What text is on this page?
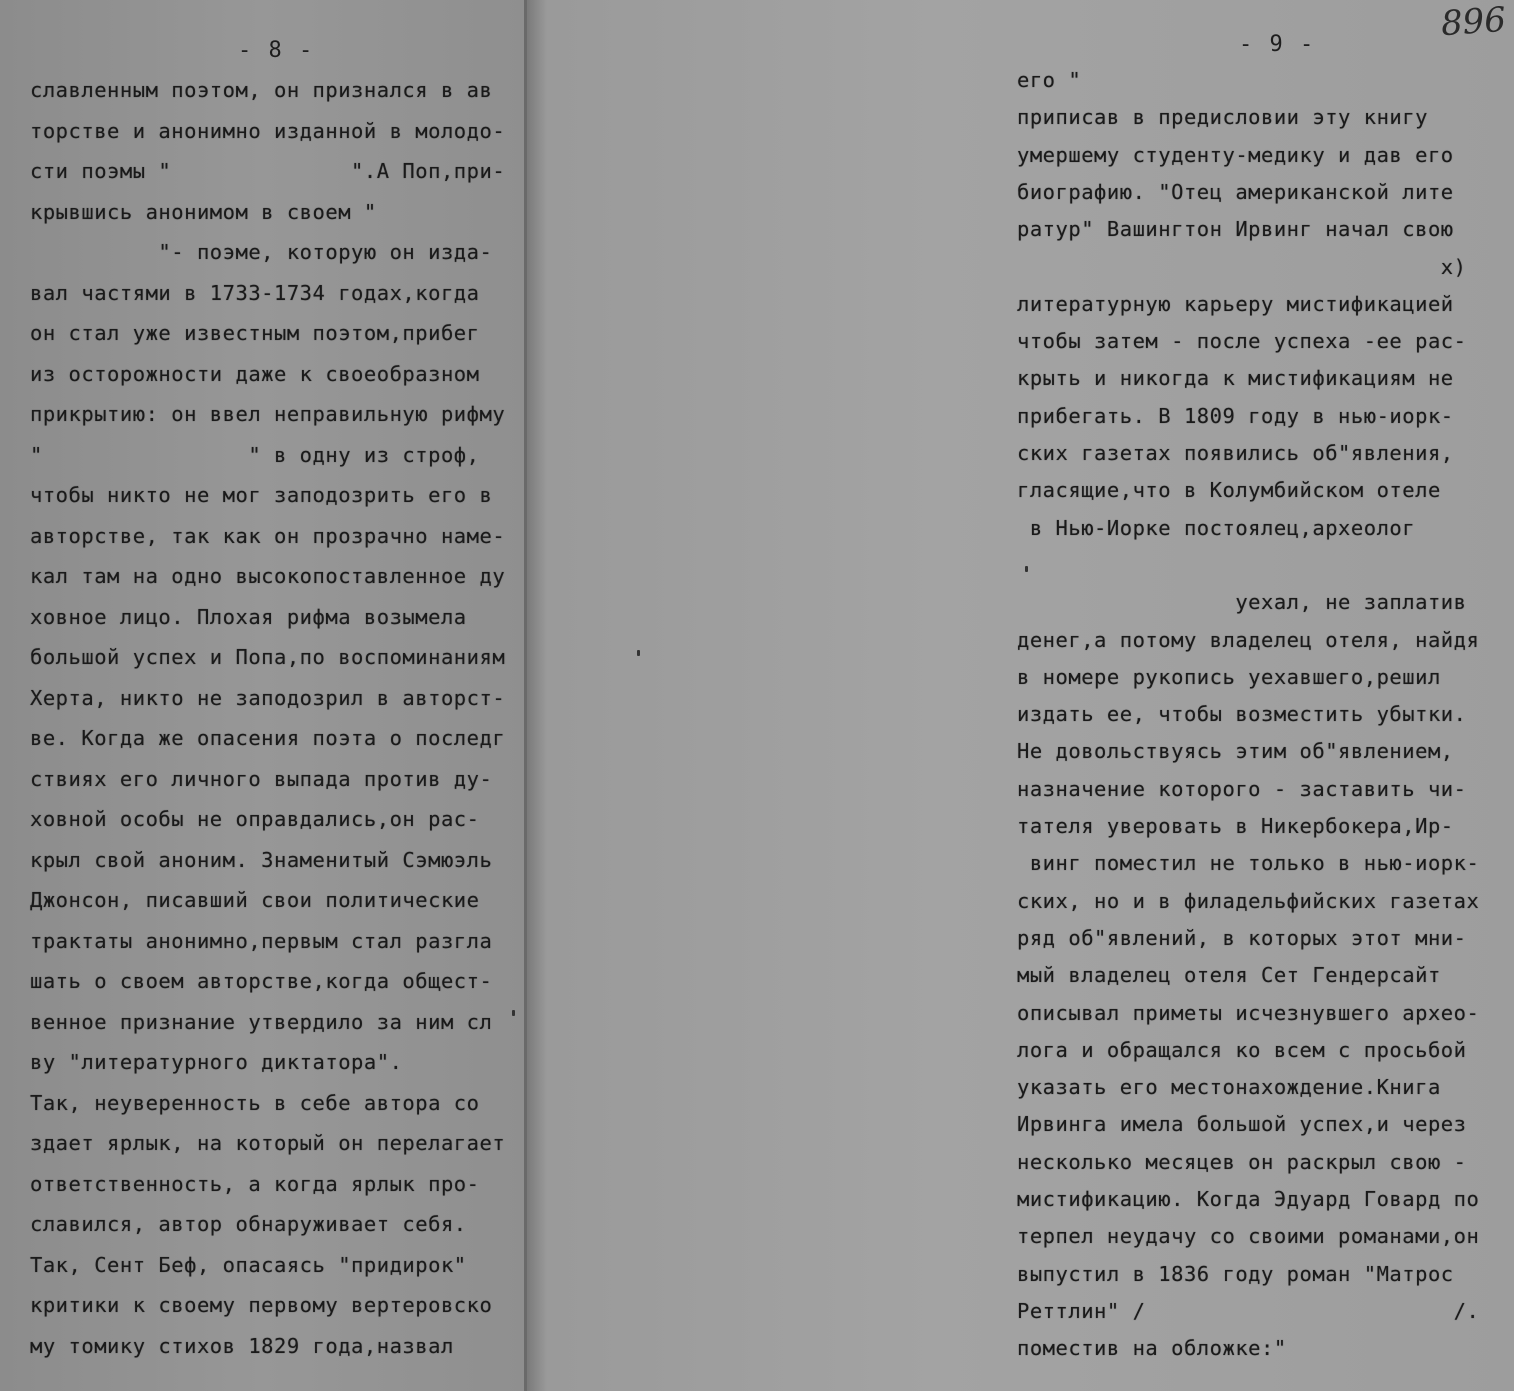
- 8 -
славленным поэтом, он признался в ав
торстве и анонимно изданной в молодо-
сти поэмы "              ".А Поп,при-
крывшись анонимом в своем "
"- поэме, которую он изда-
вал частями в 1733-1734 годах,когда
он стал уже известным поэтом,прибег
из осторожности даже к своеобразном
прикрытию: он ввел неправильную рифму
"                " в одну из строф,
чтобы никто не мог заподозрить его в
авторстве, так как он прозрачно наме-
кал там на одно высокопоставленное ду
ховное лицо. Плохая рифма возымела
большой успех и Попа,по воспоминаниям
Херта, никто не заподозрил в авторст-
ве. Когда же опасения поэта о последг
ствиях его личного выпада против ду-
ховной особы не оправдались,он рас-
крыл свой аноним. Знаменитый Сэмюэль
Джонсон, писавший свои политические
трактаты анонимно,первым стал разгла
шать о своем авторстве,когда общест-
венное признание утвердило за ним сл
ву "литературного диктатора".
Так, неуверенность в себе автора со
здает ярлык, на который он перелагает
ответственность, а когда ярлык про-
славился, автор обнаруживает себя.
Так, Сент Беф, опасаясь "придирок"
критики к своему первому вертеровско
му томику стихов 1829 года,назвал
896
- 9 -
его "
приписав в предисловии эту книгу
умершему студенту-медику и дав его
биографию. "Отец американской лите
ратур" Вашингтон Ирвинг начал свою
x)
литературную карьеру мистификацией
чтобы затем - после успеха -ее рас-
крыть и никогда к мистификациям не
прибегать. В 1809 году в нью-иорк-
ских газетах появились об"явления,
гласящие,что в Колумбийском отеле
в Нью-Иорке постоялец,археолог
уехал, не заплатив
денег,а потому владелец отеля, найдя
в номере рукопись уехавшего,решил
издать ее, чтобы возместить убытки.
Не довольствуясь этим об"явлением,
назначение которого - заставить чи-
тателя уверовать в Никербокера,Ир-
винг поместил не только в нью-иорк-
ских, но и в филадельфийских газетах
ряд об"явлений, в которых этот мни-
мый владелец отеля Сет Гендерсайт
описывал приметы исчезнувшего архео-
лога и обращался ко всем с просьбой
указать его местонахождение.Книга
Ирвинга имела большой успех,и через
несколько месяцев он раскрыл свою -
мистификацию. Когда Эдуард Говард по
терпел неудачу со своими романами,он
выпустил в 1836 году роман "Матрос
Реттлин" /                        /.
поместив на обложке:"
